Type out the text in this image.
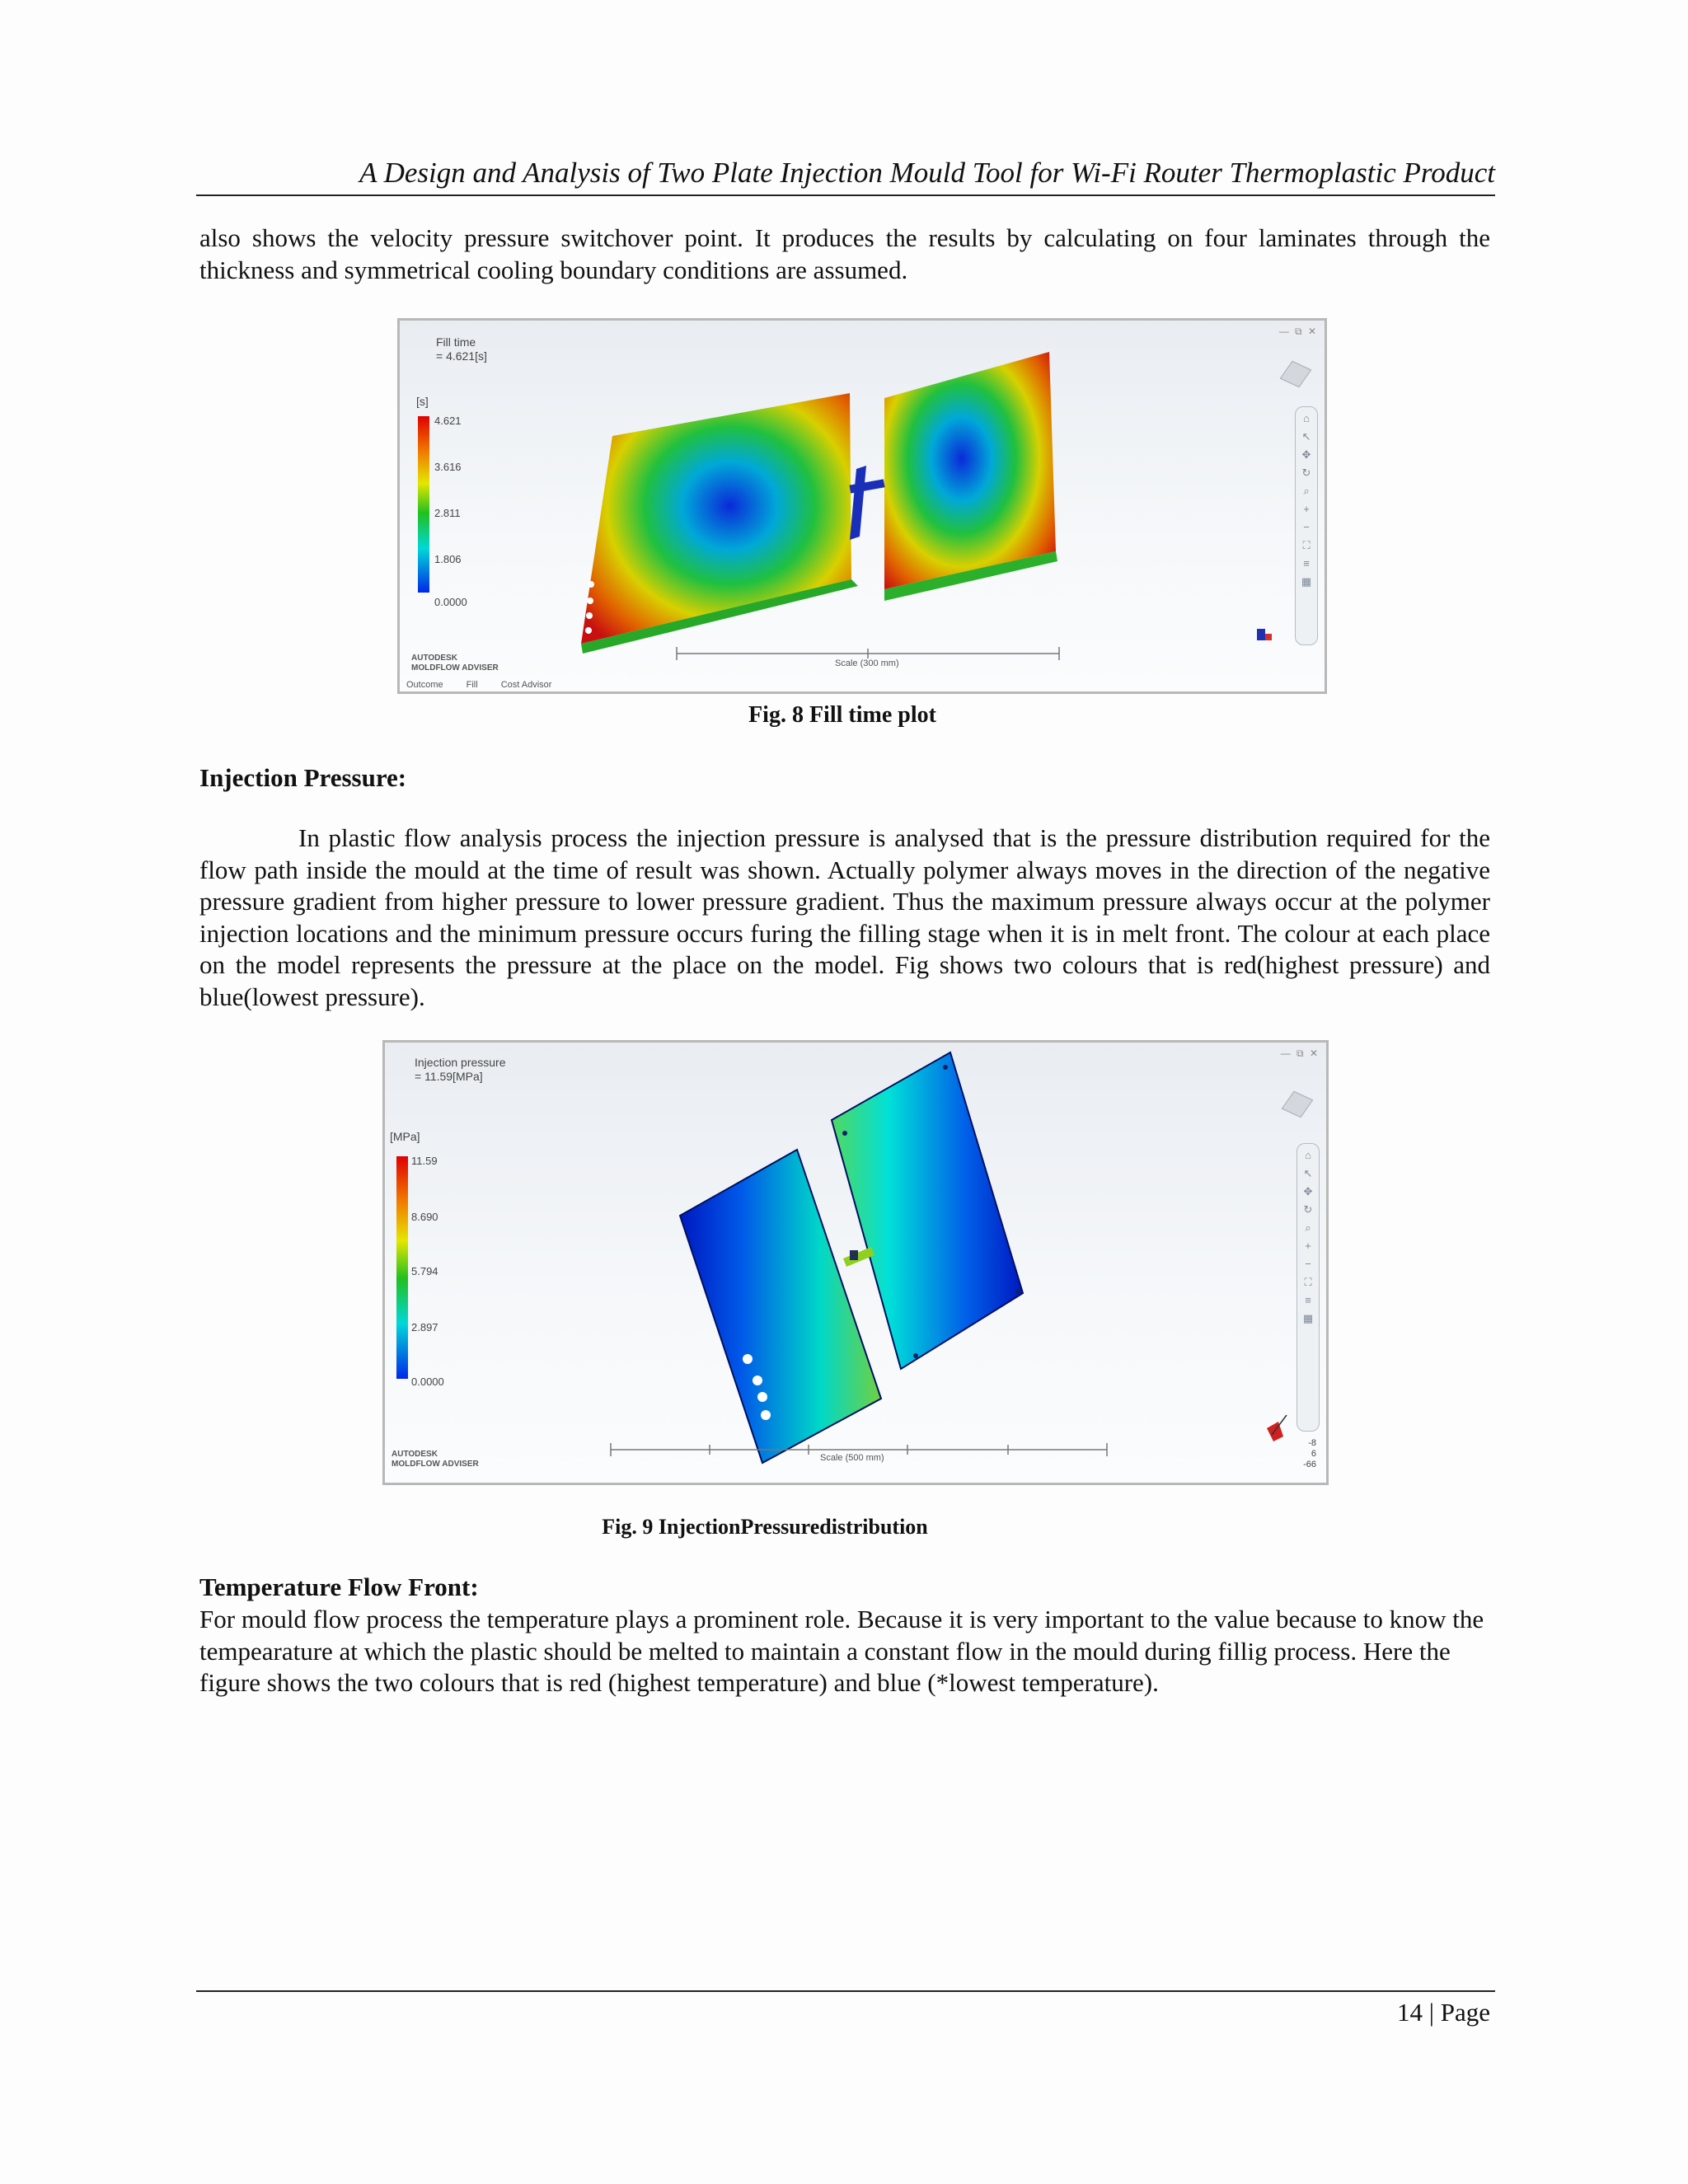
A Design and Analysis of Two Plate Injection Mould Tool for Wi-Fi Router Thermoplastic Product

also shows the velocity pressure switchover point. It produces the results by calculating on four laminates through the thickness and symmetrical cooling boundary conditions are assumed.

Fill time
= 4.621[s]
[s]
4.621
3.616
2.811
1.806
0.0000
AUTODESK
MOLDFLOW ADVISER	Scale (300 mm)
Outcome	Fill	Cost Advisor
— ⧉ ✕
⌂
↖
✥
↻
⌕
+
−
⛶
≡
▦
Fig. 8 Fill time plot
Injection Pressure:

In plastic flow analysis process the injection pressure is analysed that is the pressure distribution required for the flow path inside the mould at the time of result was shown. Actually polymer always moves in the direction of the negative pressure gradient from higher pressure to lower pressure gradient. Thus the maximum pressure always occur at the polymer injection locations and the minimum pressure occurs furing the filling stage when it is in melt front. The colour at each place on the model represents the pressure at the place on the model. Fig shows two colours that is red(highest pressure) and blue(lowest pressure).

Injection pressure
= 11.59[MPa]
[MPa]
11.59
8.690
5.794
2.897
0.0000
AUTODESK
MOLDFLOW ADVISER
Scale (500 mm)
-8
6
-66
— ⧉ ✕
⌂
↖
✥
↻
⌕
+
−
⛶
≡
▦
Fig. 9 InjectionPressuredistribution
Temperature Flow Front:

For mould flow process the temperature plays a prominent role. Because it is very important to the value because to know the tempearature at which the plastic should be melted to maintain a constant flow in the mould during fillig process. Here the figure shows the two colours that is red (highest temperature) and blue (*lowest temperature).

14 | Page
